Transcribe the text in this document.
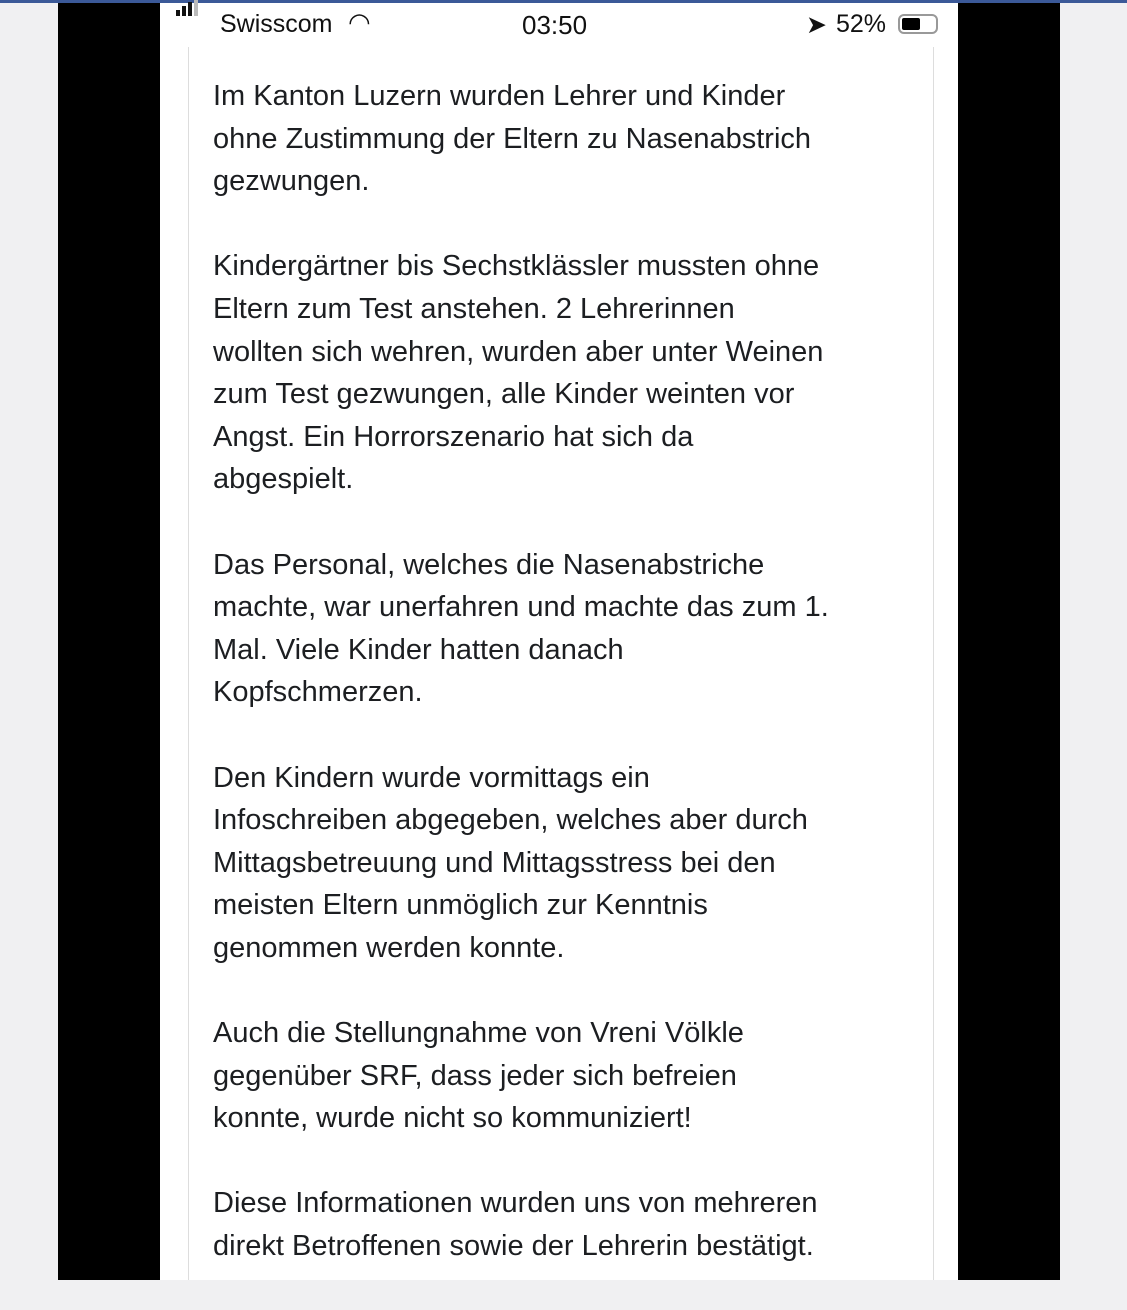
Swisscom ◠	03:50	➤ 52%

Im Kanton Luzern wurden Lehrer und Kinder
ohne Zustimmung der Eltern zu Nasenabstrich
gezwungen.

Kindergärtner bis Sechstklässler mussten ohne
Eltern zum Test anstehen. 2 Lehrerinnen
wollten sich wehren, wurden aber unter Weinen
zum Test gezwungen, alle Kinder weinten vor
Angst. Ein Horrorszenario hat sich da
abgespielt.

Das Personal, welches die Nasenabstriche
machte, war unerfahren und machte das zum 1.
Mal. Viele Kinder hatten danach
Kopfschmerzen.

Den Kindern wurde vormittags ein
Infoschreiben abgegeben, welches aber durch
Mittagsbetreuung und Mittagsstress bei den
meisten Eltern unmöglich zur Kenntnis
genommen werden konnte.

Auch die Stellungnahme von Vreni Völkle
gegenüber SRF, dass jeder sich befreien
konnte, wurde nicht so kommuniziert!

Diese Informationen wurden uns von mehreren
direkt Betroffenen sowie der Lehrerin bestätigt.
